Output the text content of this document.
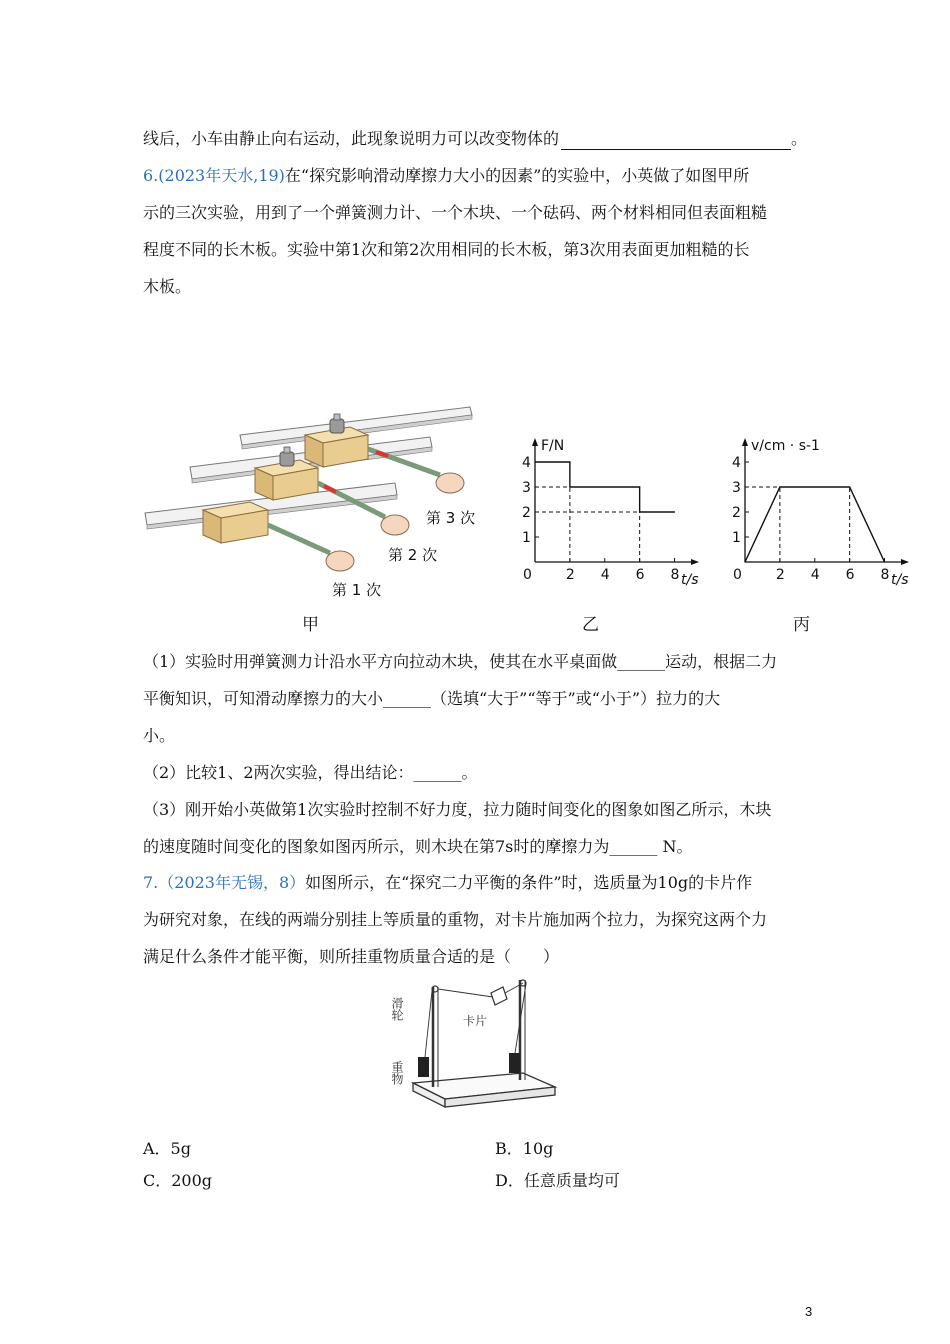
线后，小车由静止向右运动，此现象说明力可以改变物体的	。
6.(2023年天水,19)在“探究影响滑动摩擦力大小的因素”的实验中，小英做了如图甲所
示的三次实验，用到了一个弹簧测力计、一个木块、一个砝码、两个材料相同但表面粗糙
程度不同的长木板。实验中第1次和第2次用相同的长木板，第3次用表面更加粗糙的长
木板。
第 3 次
第 2 次
第 1 次
0 2 4 6 8
1
2
3
4
t/s
F/N
0 2 4 6 8
1
2
3
4
t/s
v/cm · s-1
甲	乙	丙
（1）实验时用弹簧测力计沿水平方向拉动木块，使其在水平桌面做______运动，根据二力
平衡知识，可知滑动摩擦力的大小______（选填“大于”“等于”或“小于”）拉力的大
小。
（2）比较1、2两次实验，得出结论：______。
（3）刚开始小英做第1次实验时控制不好力度，拉力随时间变化的图象如图乙所示，木块
的速度随时间变化的图象如图丙所示，则木块在第7s时的摩擦力为______ N。
7.（2023年无锡，8）如图所示，在“探究二力平衡的条件”时，选质量为10g的卡片作
为研究对象，在线的两端分别挂上等质量的重物，对卡片施加两个拉力，为探究这两个力
满足什么条件才能平衡，则所挂重物质量合适的是（　　）
滑轮	卡片
重物
A．5g	B．10g
C．200g	D．任意质量均可
3
